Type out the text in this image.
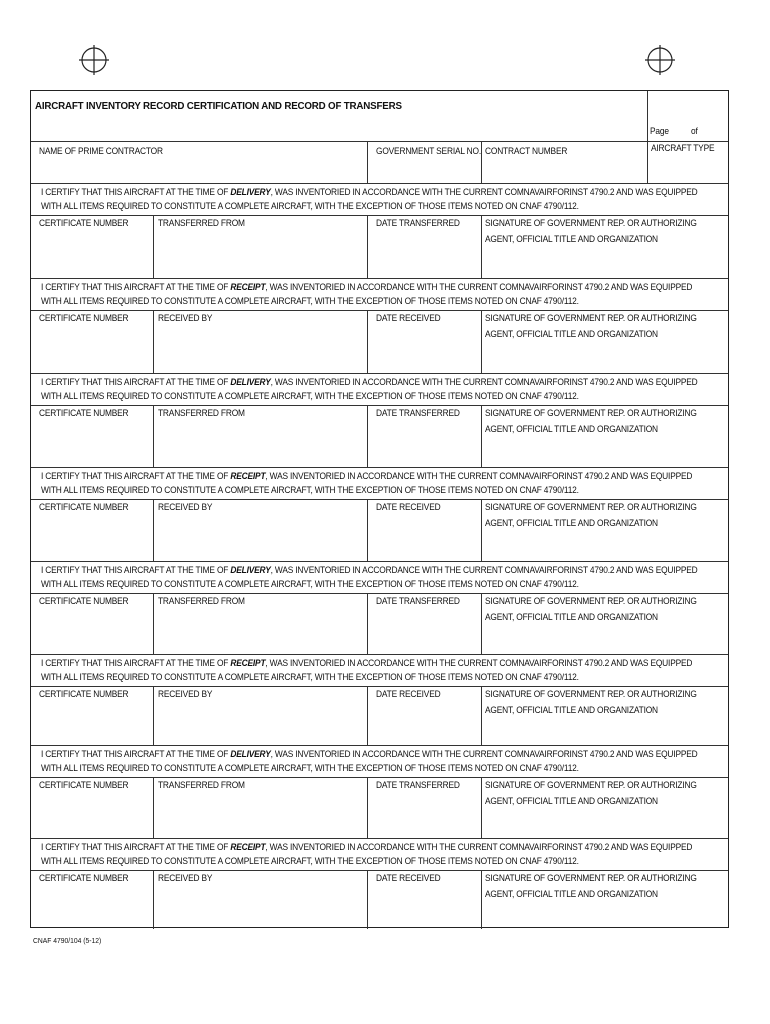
AIRCRAFT INVENTORY RECORD CERTIFICATION AND RECORD OF TRANSFERS
Page of
NAME OF PRIME CONTRACTOR	GOVERNMENT SERIAL NO. CONTRACT NUMBER	AIRCRAFT TYPE
I CERTIFY THAT THIS AIRCRAFT AT THE TIME OF DELIVERY, WAS INVENTORIED IN ACCORDANCE WITH THE CURRENT COMNAVAIRFORINST 4790.2 AND WAS EQUIPPED WITH ALL ITEMS REQUIRED TO CONSTITUTE A COMPLETE AIRCRAFT, WITH THE EXCEPTION OF THOSE ITEMS NOTED ON CNAF 4790/112.
CERTIFICATE NUMBER	TRANSFERRED FROM	DATE TRANSFERRED	SIGNATURE OF GOVERNMENT REP. OR AUTHORIZING AGENT, OFFICIAL TITLE AND ORGANIZATION
I CERTIFY THAT THIS AIRCRAFT AT THE TIME OF RECEIPT, WAS INVENTORIED IN ACCORDANCE WITH THE CURRENT COMNAVAIRFORINST 4790.2 AND WAS EQUIPPED WITH ALL ITEMS REQUIRED TO CONSTITUTE A COMPLETE AIRCRAFT, WITH THE EXCEPTION OF THOSE ITEMS NOTED ON CNAF 4790/112.
CERTIFICATE NUMBER	RECEIVED BY	DATE RECEIVED	SIGNATURE OF GOVERNMENT REP. OR AUTHORIZING AGENT, OFFICIAL TITLE AND ORGANIZATION
I CERTIFY THAT THIS AIRCRAFT AT THE TIME OF DELIVERY, WAS INVENTORIED IN ACCORDANCE WITH THE CURRENT COMNAVAIRFORINST 4790.2 AND WAS EQUIPPED WITH ALL ITEMS REQUIRED TO CONSTITUTE A COMPLETE AIRCRAFT, WITH THE EXCEPTION OF THOSE ITEMS NOTED ON CNAF 4790/112.
CERTIFICATE NUMBER	TRANSFERRED FROM	DATE TRANSFERRED	SIGNATURE OF GOVERNMENT REP. OR AUTHORIZING AGENT, OFFICIAL TITLE AND ORGANIZATION
I CERTIFY THAT THIS AIRCRAFT AT THE TIME OF RECEIPT, WAS INVENTORIED IN ACCORDANCE WITH THE CURRENT COMNAVAIRFORINST 4790.2 AND WAS EQUIPPED WITH ALL ITEMS REQUIRED TO CONSTITUTE A COMPLETE AIRCRAFT, WITH THE EXCEPTION OF THOSE ITEMS NOTED ON CNAF 4790/112.
CERTIFICATE NUMBER	RECEIVED BY	DATE RECEIVED	SIGNATURE OF GOVERNMENT REP. OR AUTHORIZING AGENT, OFFICIAL TITLE AND ORGANIZATION
I CERTIFY THAT THIS AIRCRAFT AT THE TIME OF DELIVERY, WAS INVENTORIED IN ACCORDANCE WITH THE CURRENT COMNAVAIRFORINST 4790.2 AND WAS EQUIPPED WITH ALL ITEMS REQUIRED TO CONSTITUTE A COMPLETE AIRCRAFT, WITH THE EXCEPTION OF THOSE ITEMS NOTED ON CNAF 4790/112.
CERTIFICATE NUMBER	TRANSFERRED FROM	DATE TRANSFERRED	SIGNATURE OF GOVERNMENT REP. OR AUTHORIZING AGENT, OFFICIAL TITLE AND ORGANIZATION
I CERTIFY THAT THIS AIRCRAFT AT THE TIME OF RECEIPT, WAS INVENTORIED IN ACCORDANCE WITH THE CURRENT COMNAVAIRFORINST 4790.2 AND WAS EQUIPPED WITH ALL ITEMS REQUIRED TO CONSTITUTE A COMPLETE AIRCRAFT, WITH THE EXCEPTION OF THOSE ITEMS NOTED ON CNAF 4790/112.
CERTIFICATE NUMBER	RECEIVED BY	DATE RECEIVED	SIGNATURE OF GOVERNMENT REP. OR AUTHORIZING AGENT, OFFICIAL TITLE AND ORGANIZATION
I CERTIFY THAT THIS AIRCRAFT AT THE TIME OF DELIVERY, WAS INVENTORIED IN ACCORDANCE WITH THE CURRENT COMNAVAIRFORINST 4790.2 AND WAS EQUIPPED WITH ALL ITEMS REQUIRED TO CONSTITUTE A COMPLETE AIRCRAFT, WITH THE EXCEPTION OF THOSE ITEMS NOTED ON CNAF 4790/112.
CERTIFICATE NUMBER	TRANSFERRED FROM	DATE TRANSFERRED	SIGNATURE OF GOVERNMENT REP. OR AUTHORIZING AGENT, OFFICIAL TITLE AND ORGANIZATION
I CERTIFY THAT THIS AIRCRAFT AT THE TIME OF RECEIPT, WAS INVENTORIED IN ACCORDANCE WITH THE CURRENT COMNAVAIRFORINST 4790.2 AND WAS EQUIPPED WITH ALL ITEMS REQUIRED TO CONSTITUTE A COMPLETE AIRCRAFT, WITH THE EXCEPTION OF THOSE ITEMS NOTED ON CNAF 4790/112.
CERTIFICATE NUMBER	RECEIVED BY	DATE RECEIVED	SIGNATURE OF GOVERNMENT REP. OR AUTHORIZING AGENT, OFFICIAL TITLE AND ORGANIZATION
CNAF 4790/104 (5-12)
